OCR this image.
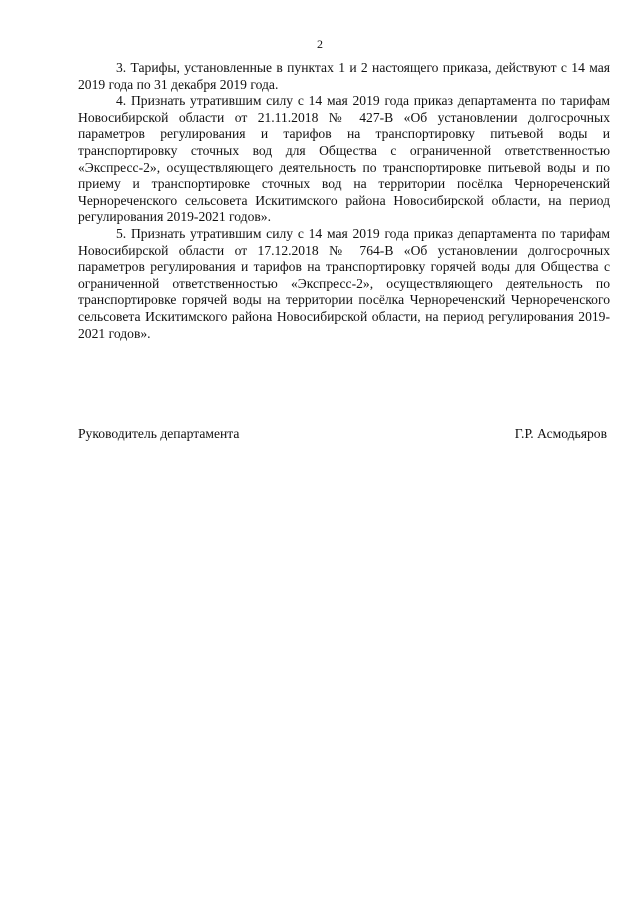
2

3. Тарифы, установленные в пунктах 1 и 2 настоящего приказа, действуют с 14 мая 2019 года по 31 декабря 2019 года.

4. Признать утратившим силу с 14 мая 2019 года приказ департамента по тарифам Новосибирской области от 21.11.2018 № 427-В «Об установлении долгосрочных параметров регулирования и тарифов на транспортировку питьевой воды и транспортировку сточных вод для Общества с ограниченной ответственностью «Экспресс-2», осуществляющего деятельность по транспортировке питьевой воды и по приему и транспортировке сточных вод на территории посёлка Чернореченский Чернореченского сельсовета Искитимского района Новосибирской области, на период регулирования 2019-2021 годов».

5. Признать утратившим силу с 14 мая 2019 года приказ департамента по тарифам Новосибирской области от 17.12.2018 № 764-В «Об установлении долгосрочных параметров регулирования и тарифов на транспортировку горячей воды для Общества с ограниченной ответственностью «Экспресс-2», осуществляющего деятельность по транспортировке горячей воды на территории посёлка Чернореченский Чернореченского сельсовета Искитимского района Новосибирской области, на период регулирования 2019-2021 годов».

Руководитель департамента	Г.Р. Асмодьяров
